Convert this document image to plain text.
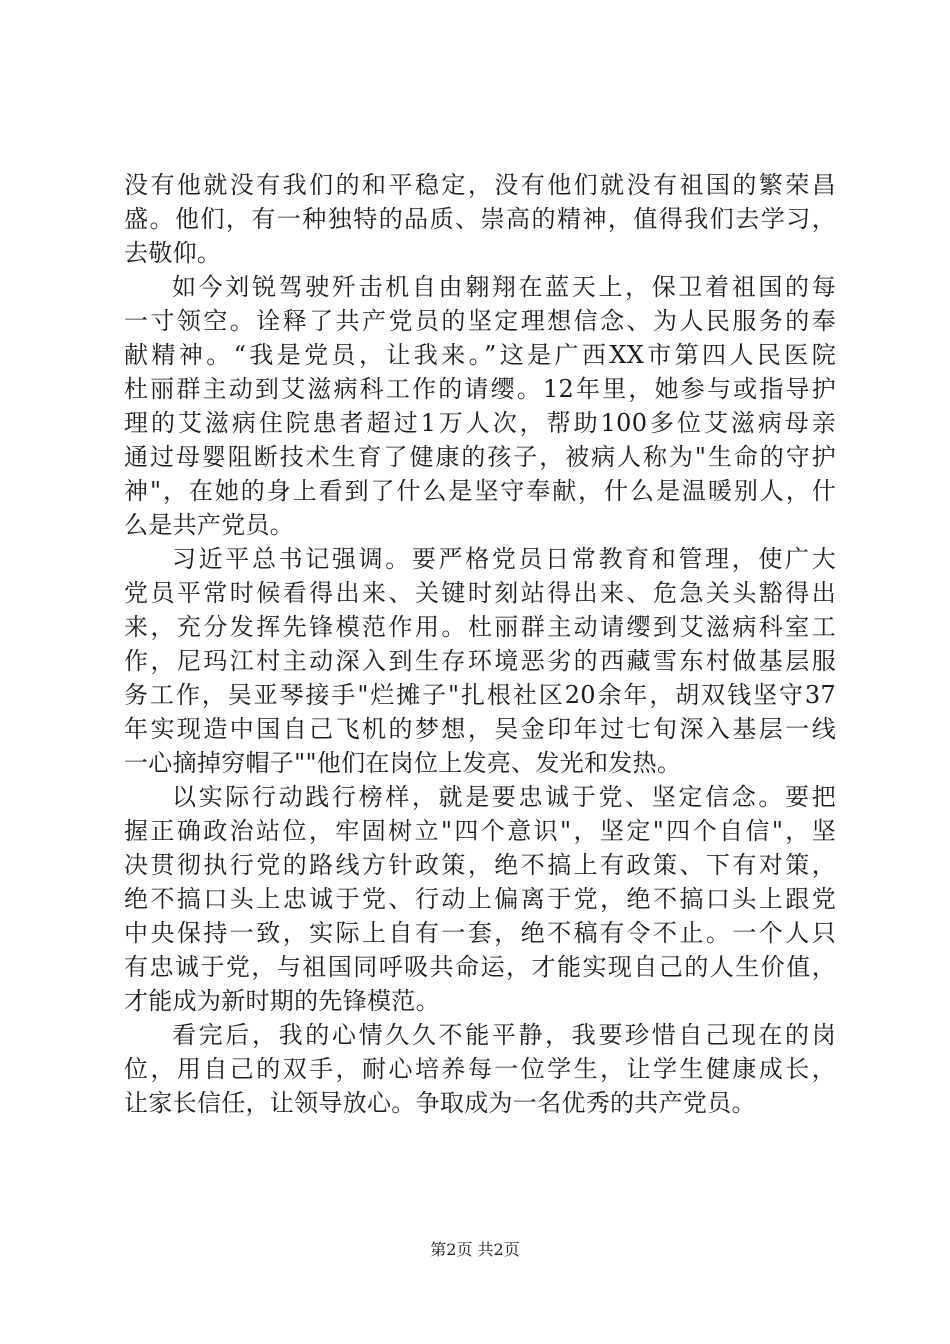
没有他就没有我们的和平稳定，没有他们就没有祖国的繁荣昌
盛。他们，有一种独特的品质、崇高的精神，值得我们去学习，
去敬仰。
如今刘锐驾驶歼击机自由翱翔在蓝天上，保卫着祖国的每
一寸领空。诠释了共产党员的坚定理想信念、为人民服务的奉
献精神。“我是党员，让我来。”这是广西XX市第四人民医院
杜丽群主动到艾滋病科工作的请缨。12年里，她参与或指导护
理的艾滋病住院患者超过1万人次，帮助100多位艾滋病母亲
通过母婴阻断技术生育了健康的孩子，被病人称为"生命的守护
神"，在她的身上看到了什么是坚守奉献，什么是温暖别人，什
么是共产党员。
习近平总书记强调。要严格党员日常教育和管理，使广大
党员平常时候看得出来、关键时刻站得出来、危急关头豁得出
来，充分发挥先锋模范作用。杜丽群主动请缨到艾滋病科室工
作，尼玛江村主动深入到生存环境恶劣的西藏雪东村做基层服
务工作，吴亚琴接手"烂摊子"扎根社区20余年，胡双钱坚守37
年实现造中国自己飞机的梦想，吴金印年过七旬深入基层一线
一心摘掉穷帽子""他们在岗位上发亮、发光和发热。
以实际行动践行榜样，就是要忠诚于党、坚定信念。要把
握正确政治站位，牢固树立"四个意识"，坚定"四个自信"，坚
决贯彻执行党的路线方针政策，绝不搞上有政策、下有对策，
绝不搞口头上忠诚于党、行动上偏离于党，绝不搞口头上跟党
中央保持一致，实际上自有一套，绝不稿有令不止。一个人只
有忠诚于党，与祖国同呼吸共命运，才能实现自己的人生价值，
才能成为新时期的先锋模范。
看完后，我的心情久久不能平静，我要珍惜自己现在的岗
位，用自己的双手，耐心培养每一位学生，让学生健康成长，
让家长信任，让领导放心。争取成为一名优秀的共产党员。
第2页 共2页
